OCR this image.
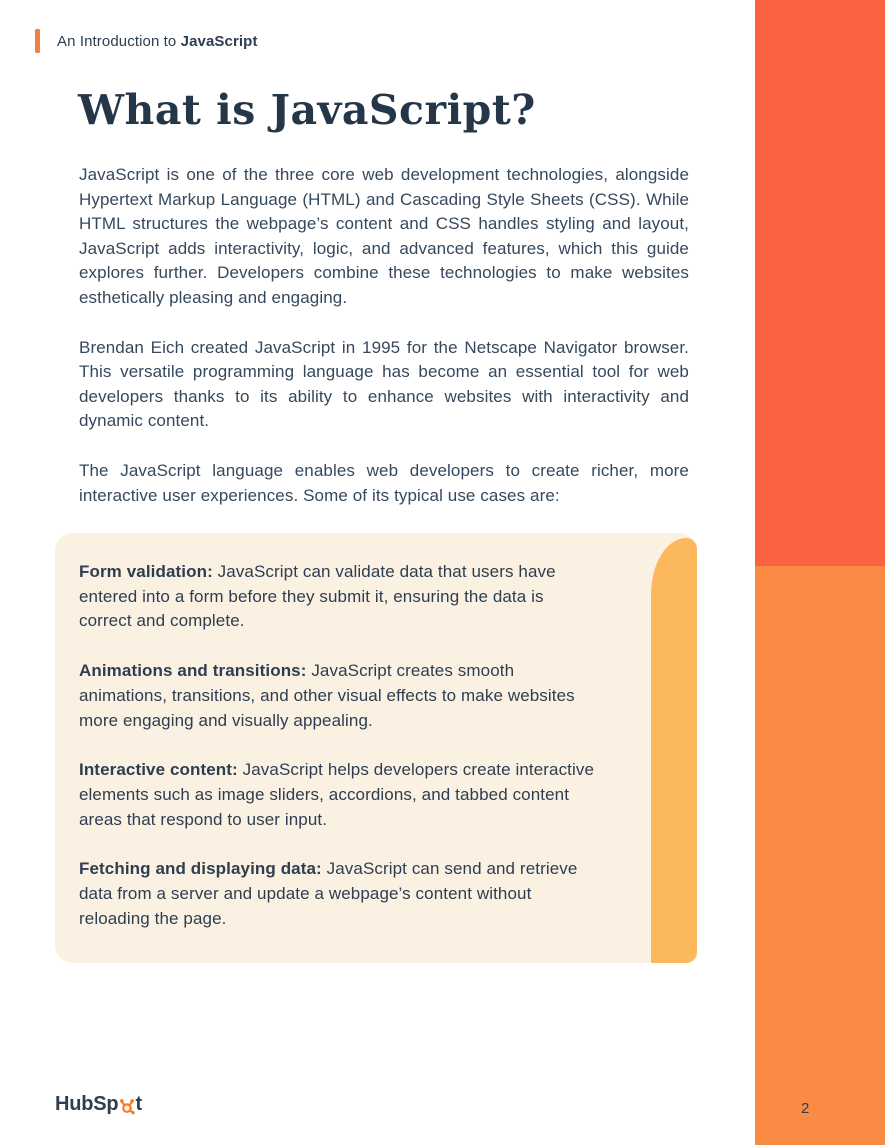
2
An Introduction to JavaScript
What is JavaScript?

JavaScript is one of the three core web development technologies, alongside Hypertext Markup Language (HTML) and Cascading Style Sheets (CSS). While HTML structures the webpage’s content and CSS handles styling and layout, JavaScript adds interactivity, logic, and advanced features, which this guide explores further. Developers combine these technologies to make websites esthetically pleasing and engaging.

Brendan Eich created JavaScript in 1995 for the Netscape Navigator browser. This versatile programming language has become an essential tool for web developers thanks to its ability to enhance websites with interactivity and dynamic content.

The JavaScript language enables web developers to create richer, more interactive user experiences. Some of its typical use cases are:

Form validation: JavaScript can validate data that users have entered into a form before they submit it, ensuring the data is correct and complete.

Animations and transitions: JavaScript creates smooth animations, transitions, and other visual effects to make websites more engaging and visually appealing.

Interactive content: JavaScript helps developers create interactive elements such as image sliders, accordions, and tabbed content areas that respond to user input.

Fetching and displaying data: JavaScript can send and retrieve data from a server and update a webpage’s content without reloading the page.

HubSp t
